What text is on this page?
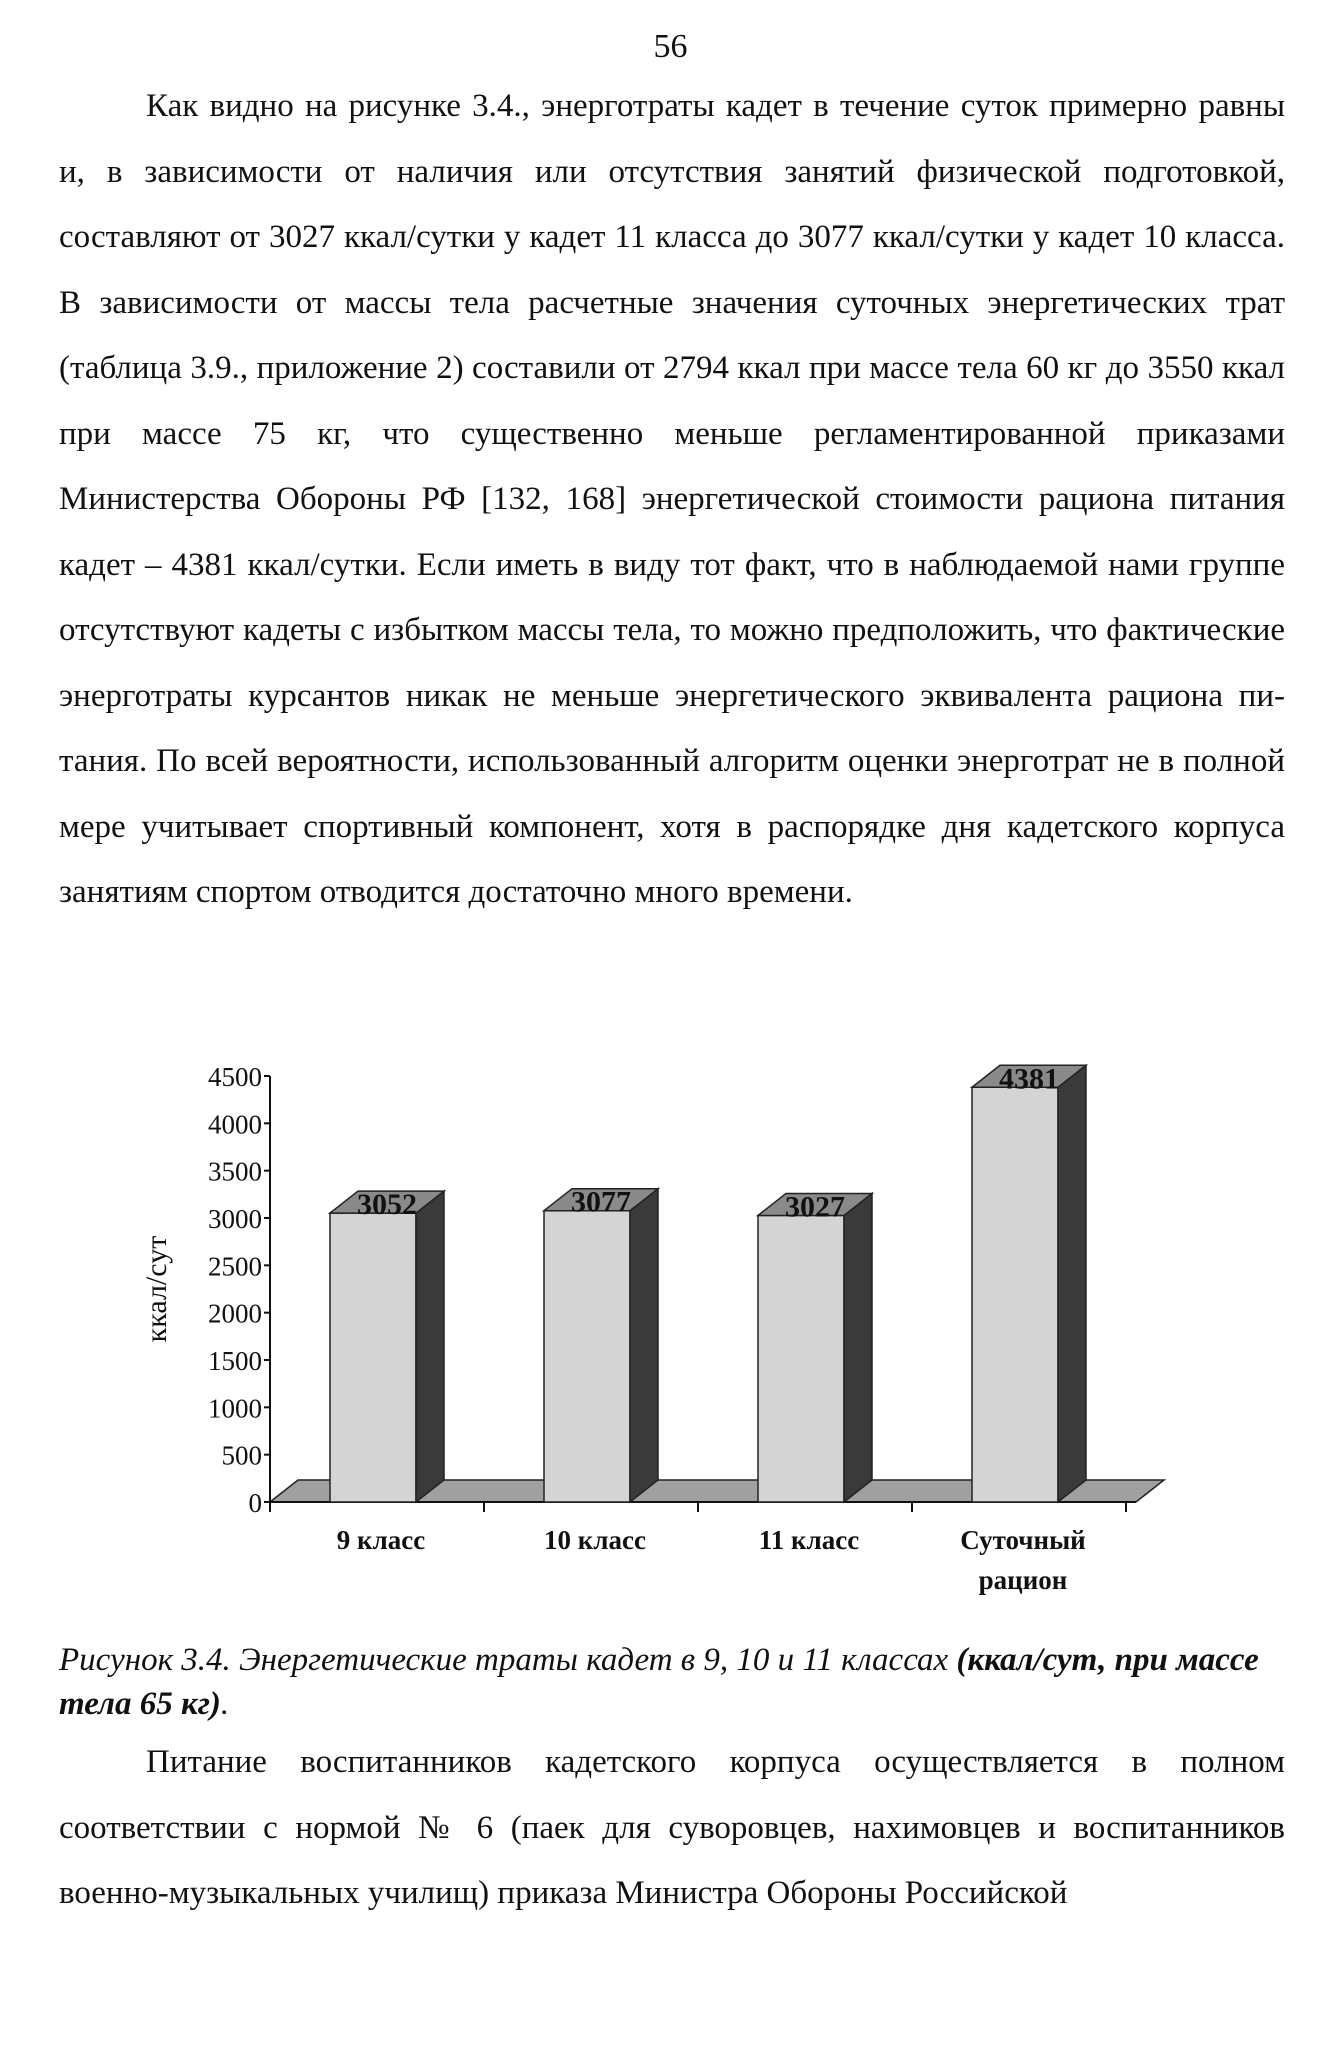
56

Как видно на рисунке 3.4., энерготраты кадет в течение суток примерно равны и, в зависимости от наличия или отсутствия занятий физической подготовкой, составляют от 3027 ккал/сутки у кадет 11 класса до 3077 ккал/сутки у кадет 10 класса. В зависимости от массы тела расчетные значения суточных энергетических трат (таблица 3.9., приложение 2) составили от 2794 ккал при массе тела 60 кг до 3550 ккал при массе 75 кг, что существенно меньше регламентированной приказами Министерства Обороны РФ [132, 168] энергетической стоимости рациона питания кадет – 4381 ккал/сутки. Если иметь в виду тот факт, что в наблюдаемой нами группе отсутствуют кадеты с избытком массы тела, то можно предположить, что фактические энерготраты курсантов никак не меньше энергетического эквивалента рациона питания. По всей вероятности, использованный алгоритм оценки энерготрат не в полной мере учитывает спортивный компонент, хотя в распорядке дня кадетского корпуса занятиям спортом отводится достаточно много времени.

0
500
1000
1500
2000
2500
3000
3500
4000
4500
ккал/сут
3052	3077	3027
4381
9 класс	10 класс	11 класс	Суточный
рацион
Рисунок 3.4. Энергетические траты кадет в 9, 10 и 11 классах (ккал/сут, при массе тела 65 кг).

Питание воспитанников кадетского корпуса осуществляется в полном соответствии с нормой № 6 (паек для суворовцев, нахимовцев и воспитанников военно-музыкальных училищ) приказа Министра Обороны Российской
